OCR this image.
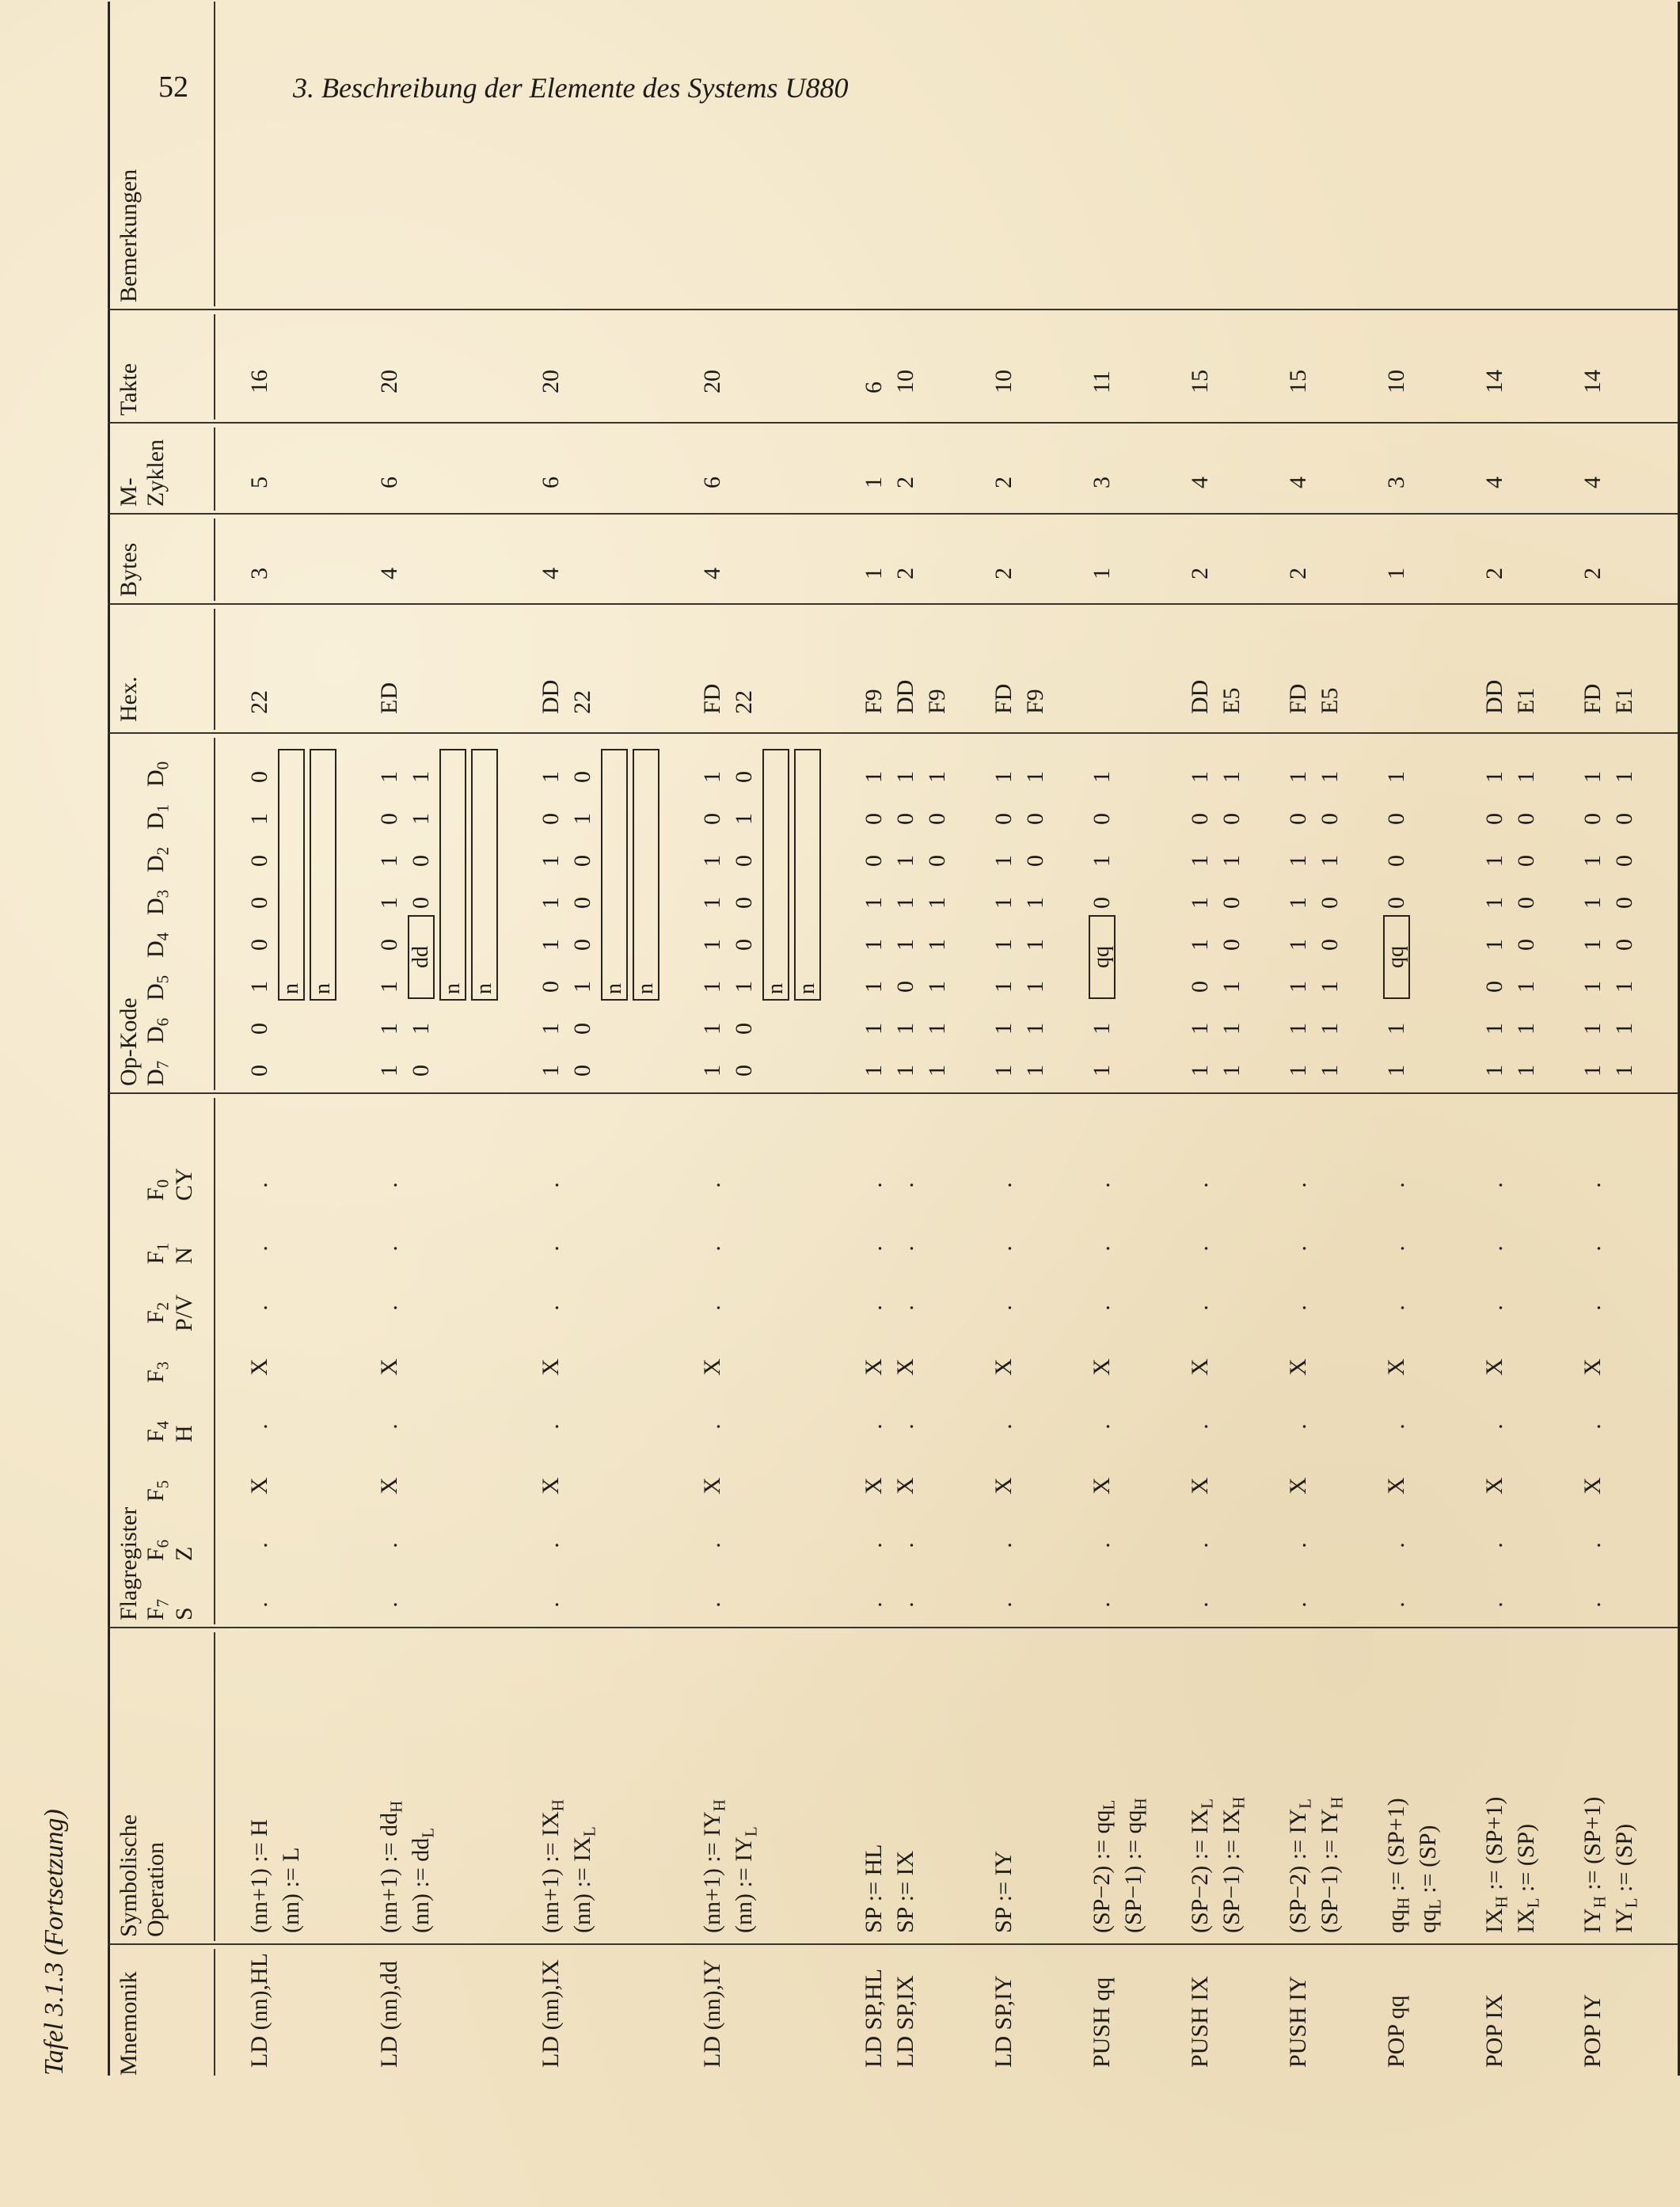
52	3. Beschreibung der Elemente des Systems U880
Tafel 3.1.3 (Fortsetzung) Mnemonik
Symbolische Operation
Flagregister $F_7$
$F_6$
$F_5$
$F_4$
$F_3$
$F_2$
$F_1$
$F_0$
S
Z
H
P/V
N
CY
Op-Kode $D_7$
$D_6$
$D_5$
$D_4$
$D_3$
$D_2$
$D_1$
$D_0$
Hex.
Bytes
M- Zyklen
Takte
Bemerkungen
LD (nn),HL
(nn+1) := H (nn) := L
.
.
X
.
X
.
.
.
0
0
1
0
0
0
1
0
n n
22
3
5
16
LD (nn),dd
(nn+1) := $dd_H$
(nn) := $dd_L$
.
.
X
.
X
.
.
.
1
1
1
0
1
1
0
1
0
1
0
0
1
1
dd
n n
ED
4
6
20
LD (nn),IX
(nn+1) := $IX_H$
(nn) := $IX_L$
.
.
X
.
X
.
.
.
1
1
0
1
1
1
0
1
0
0
1
0
0
0
1
0
n n
DD 22
4
6
20
LD (nn),IY
(nn+1) := $IY_H$
(nn) := $IY_L$
.
.
X
.
X
.
.
.
1
1
1
1
1
1
0
1
0
0
1
0
0
0
1
0
n n
FD 22
4
6
20
LD SP,HL LD SP,IX
SP := HL SP := IX
.
.
X
.
X
.
.
.
.
.
X
.
X
.
.
.
1
1
1
1
1
0
0
1
1
1
0
1
1
1
0
1
1
1
1
1
1
0
0
1
F9 DD F9
1 2
1 2
6 10
LD SP,IY
SP := IY
.
.
X
.
X
.
.
.
1
1
1
1
1
1
0
1
1
1
1
1
1
0
0
1
FD F9
2
2
10
PUSH qq
(SP−2) := $qq_L$
(SP−1) := $qq_H$
.
.
X
.
X
.
.
.
1
1
0
1
0
1
qq
1
3
11
PUSH IX
(SP−2) := $IX_L$
(SP−1) := $IX_H$
.
.
X
.
X
.
.
.
1
1
0
1
1
1
0
1
1
1
1
0
0
1
0
1
DD E5
2
4
15
PUSH IY
(SP−2) := $IY_L$
(SP−1) := $IY_H$
.
.
X
.
X
.
.
.
1
1
1
1
1
1
0
1
1
1
1
0
0
1
0
1
FD E5
2
4
15
POP qq
$qq_H$ := (SP+1)
$qq_L$ := (SP)
.
.
X
.
X
.
.
.
1
1
0
0
0
1
qq
1
3
10
POP IX
$IX_H$ := (SP+1)
$IX_L$ := (SP)
.
.
X
.
X
.
.
.
1
1
0
1
1
1
0
1
1
1
1
0
0
0
0
1
DD E1
2
4
14
POP IY
$IY_H$ := (SP+1)
$IY_L$ := (SP)
.
.
X
.
X
.
.
.
1
1
1
1
1
1
0
1
1
1
1
0
0
0
0
1
FD E1
2
4
14
